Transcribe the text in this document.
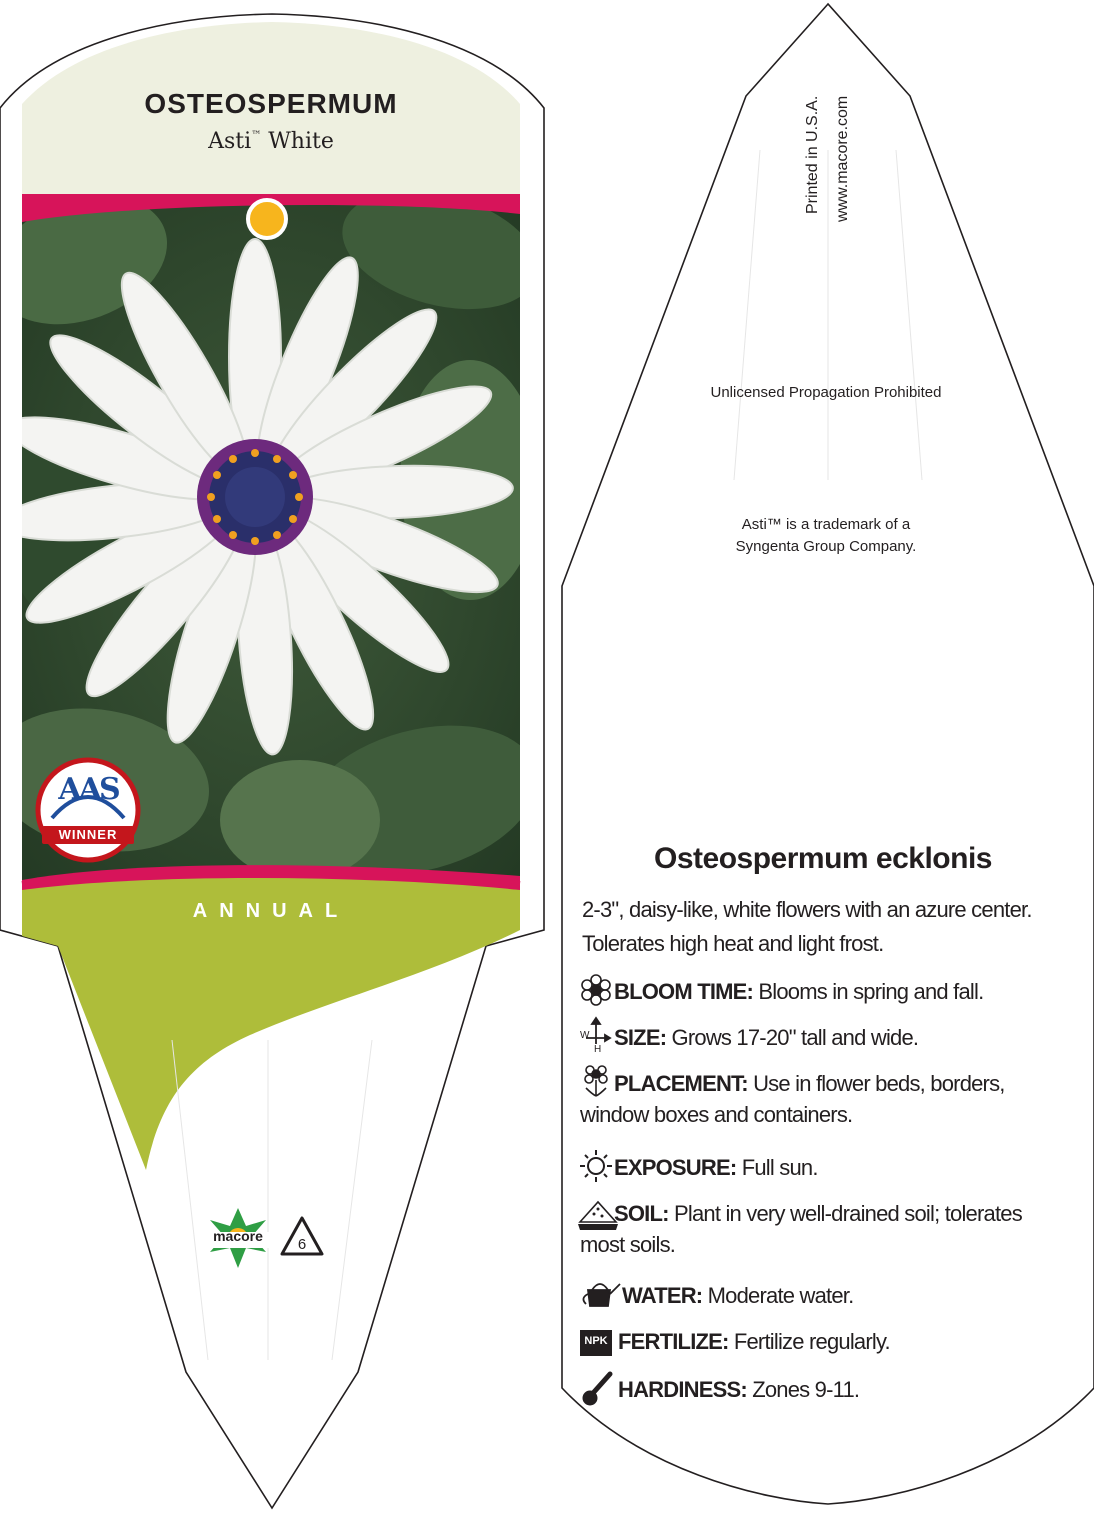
OSTEOSPERMUM
Asti™ White
ANNUAL
AAS
WINNER
macore	6
Printed in U.S.A. www.macore.com
Unlicensed Propagation Prohibited
Asti™ is a trademark of a
Syngenta Group Company.
Osteospermum ecklonis
2-3", daisy-like, white flowers with an azure center.
Tolerates high heat and light frost.
BLOOM TIME: Blooms in spring and fall.
SIZE: Grows 17-20" tall and wide.
W
H
PLACEMENT: Use in flower beds, borders,
window boxes and containers.
EXPOSURE: Full sun.
SOIL: Plant in very well-drained soil; tolerates
most soils.
WATER: Moderate water.
FERTILIZE: Fertilize regularly.
NPK
HARDINESS: Zones 9-11.
